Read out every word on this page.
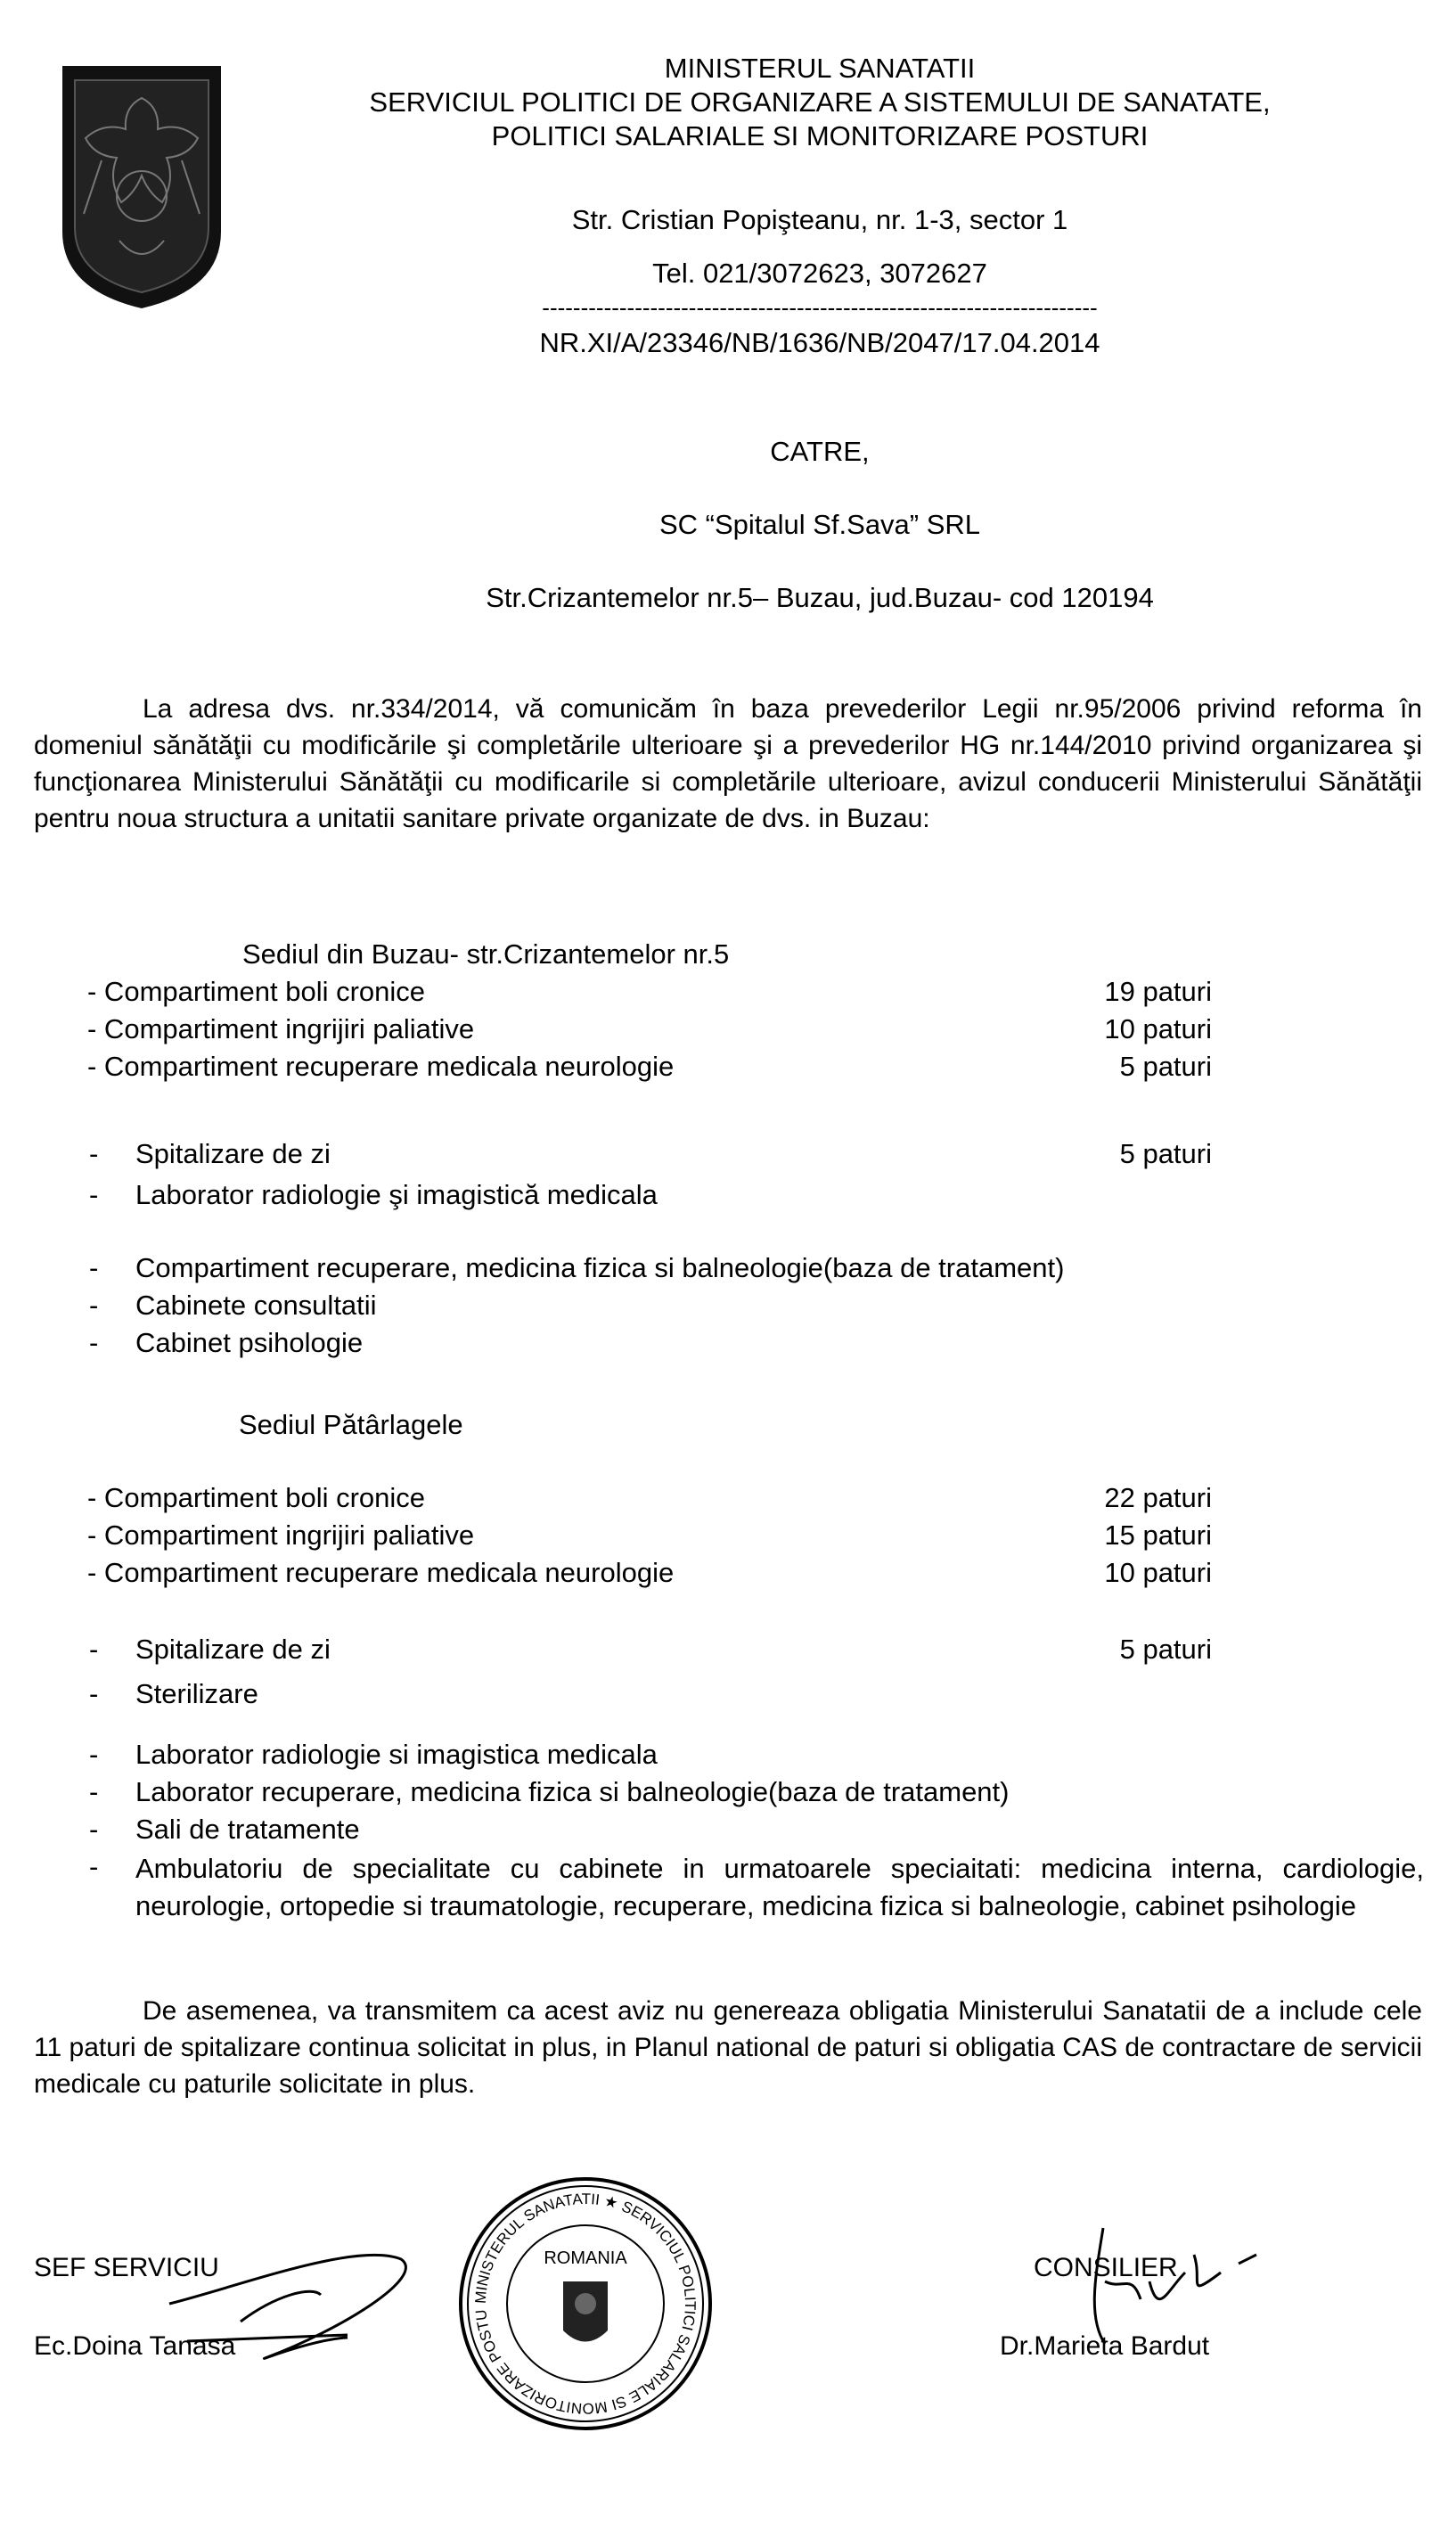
MINISTERUL SANATATII
SERVICIUL POLITICI DE ORGANIZARE A SISTEMULUI DE SANATATE,
POLITICI SALARIALE SI MONITORIZARE POSTURI
Str. Cristian Popişteanu, nr. 1-3, sector 1
Tel. 021/3072623, 3072627
------------------------------------------------------------------------
NR.XI/A/23346/NB/1636/NB/2047/17.04.2014
CATRE,
SC “Spitalul Sf.Sava” SRL
Str.Crizantemelor nr.5– Buzau, jud.Buzau- cod 120194
La adresa dvs. nr.334/2014, vă comunicăm în baza prevederilor Legii nr.95/2006 privind reforma în domeniul sănătăţii cu modificările şi completările ulterioare şi a prevederilor HG nr.144/2010 privind organizarea şi funcţionarea Ministerului Sănătăţii cu modificarile si completările ulterioare, avizul conducerii Ministerului Sănătăţii pentru noua structura a unitatii sanitare private organizate de dvs. in Buzau:
Sediul din Buzau- str.Crizantemelor nr.5
- Compartiment boli cronice	19 paturi
- Compartiment ingrijiri paliative	10 paturi
- Compartiment recuperare medicala neurologie	5 paturi
- Spitalizare de zi	5 paturi
- Laborator radiologie şi imagistică medicala
- Compartiment recuperare, medicina fizica si balneologie(baza de tratament)
- Cabinete consultatii
- Cabinet psihologie
Sediul Pătârlagele
- Compartiment boli cronice	22 paturi
- Compartiment ingrijiri paliative	15 paturi
- Compartiment recuperare medicala neurologie	10 paturi
- Spitalizare de zi	5 paturi
- Sterilizare
- Laborator radiologie si imagistica medicala
- Laborator recuperare, medicina fizica si balneologie(baza de tratament)
- Sali de tratamente
- Ambulatoriu de specialitate cu cabinete in urmatoarele speciaitati: medicina interna, cardiologie, neurologie, ortopedie si traumatologie, recuperare, medicina fizica si balneologie, cabinet psihologie
De asemenea, va transmitem ca acest aviz nu genereaza obligatia Ministerului Sanatatii de a include cele 11 paturi de spitalizare continua solicitat in plus, in Planul national de paturi si obligatia CAS de contractare de servicii medicale cu paturile solicitate in plus.
SEF SERVICIU
Ec.Doina Tanasa
CONSILIER
Dr.Marieta Bardut
MINISTERUL SANATATII ★ SERVICIUL POLITICI SALARIALE SI MONITORIZARE POSTU
ROMANIA
